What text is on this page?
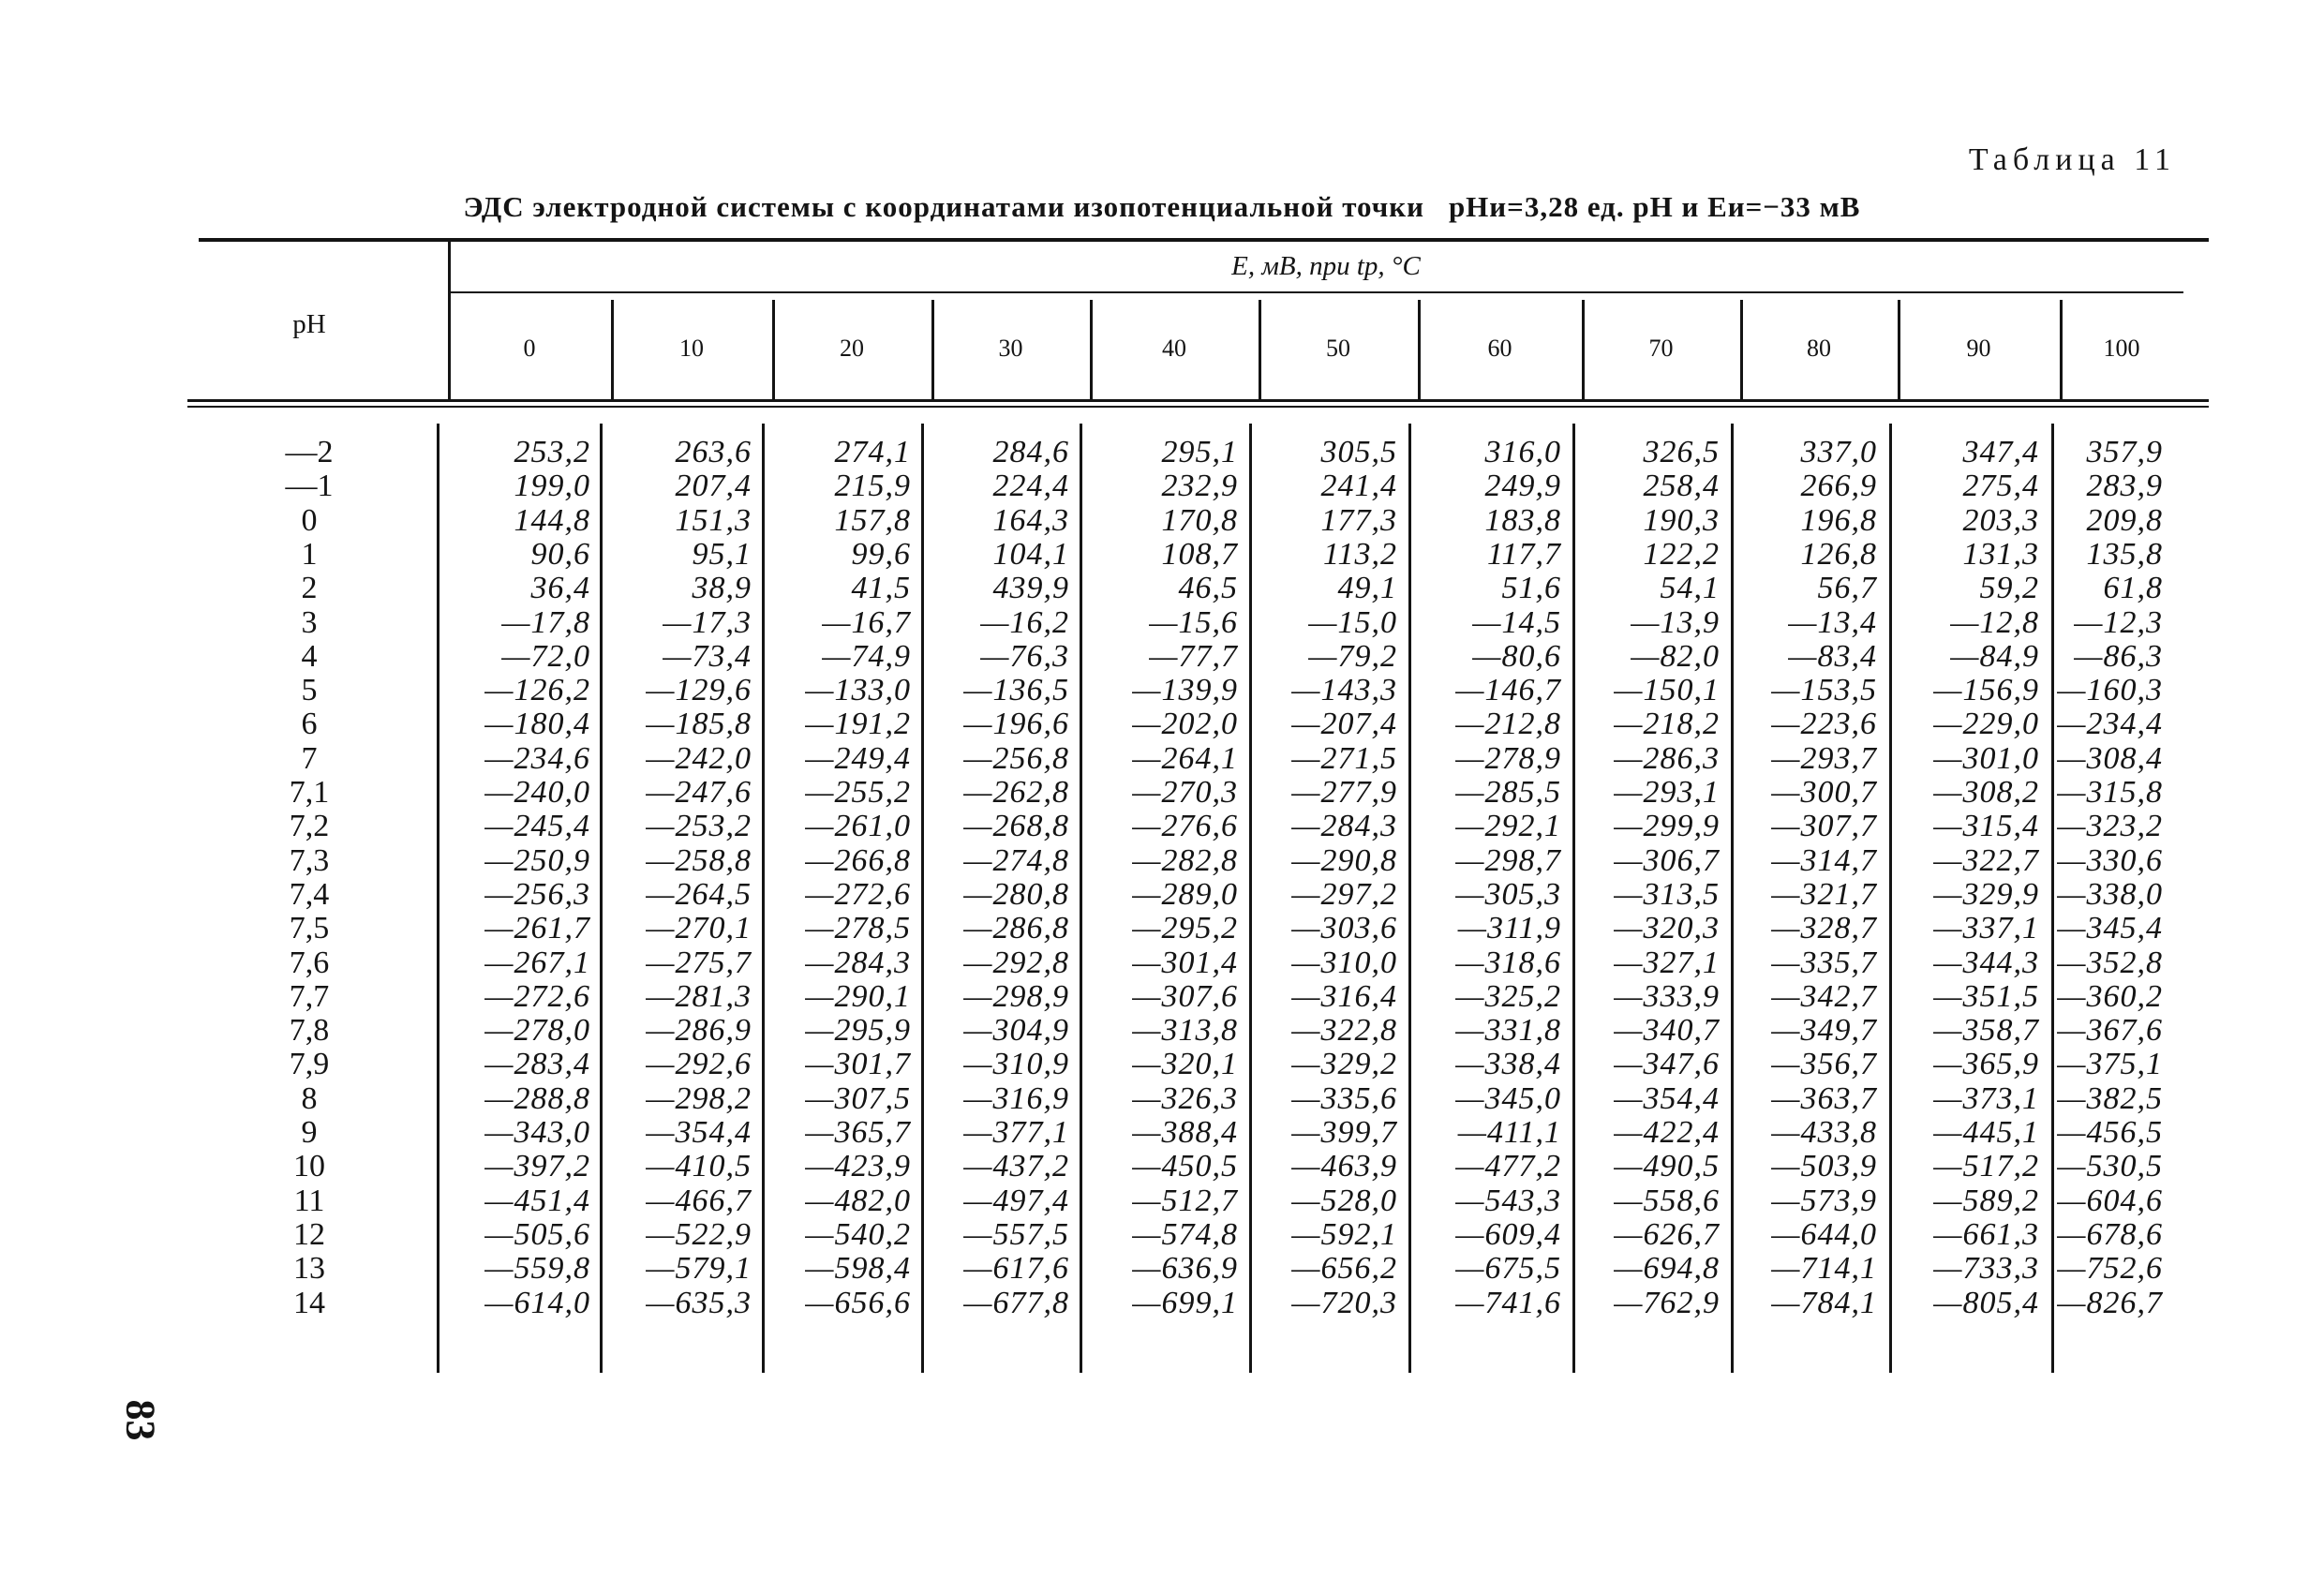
Таблица 11
ЭДС электродной системы с координатами изопотенциальной точки pHи=3,28 ед. pH и Eи=−33 мВ
E, мВ, при tр, °С
pH
0	10	20	30	40	50	60	70	80	90	100
—2	253,2	263,6	274,1	284,6	295,1	305,5	316,0	326,5	337,0	347,4	357,9
—1	199,0	207,4	215,9	224,4	232,9	241,4	249,9	258,4	266,9	275,4	283,9
0	144,8	151,3	157,8	164,3	170,8	177,3	183,8	190,3	196,8	203,3	209,8
1	90,6	95,1	99,6	104,1	108,7	113,2	117,7	122,2	126,8	131,3	135,8
2	36,4	38,9	41,5	439,9	46,5	49,1	51,6	54,1	56,7	59,2	61,8
3	—17,8	—17,3	—16,7	—16,2	—15,6	—15,0	—14,5	—13,9	—13,4	—12,8	—12,3
4	—72,0	—73,4	—74,9	—76,3	—77,7	—79,2	—80,6	—82,0	—83,4	—84,9	—86,3
5	—126,2	—129,6	—133,0	—136,5	—139,9	—143,3	—146,7	—150,1	—153,5	—156,9 —160,3
6	—180,4	—185,8	—191,2	—196,6	—202,0	—207,4	—212,8	—218,2	—223,6	—229,0 —234,4
7	—234,6	—242,0	—249,4	—256,8	—264,1	—271,5	—278,9	—286,3	—293,7	—301,0 —308,4
7,1	—240,0	—247,6	—255,2	—262,8	—270,3	—277,9	—285,5	—293,1	—300,7	—308,2 —315,8
7,2	—245,4	—253,2	—261,0	—268,8	—276,6	—284,3	—292,1	—299,9	—307,7	—315,4 —323,2
7,3	—250,9	—258,8	—266,8	—274,8	—282,8	—290,8	—298,7	—306,7	—314,7	—322,7 —330,6
7,4	—256,3	—264,5	—272,6	—280,8	—289,0	—297,2	—305,3	—313,5	—321,7	—329,9 —338,0
7,5	—261,7	—270,1	—278,5	—286,8	—295,2	—303,6	—311,9	—320,3	—328,7	—337,1 —345,4
7,6	—267,1	—275,7	—284,3	—292,8	—301,4	—310,0	—318,6	—327,1	—335,7	—344,3 —352,8
7,7	—272,6	—281,3	—290,1	—298,9	—307,6	—316,4	—325,2	—333,9	—342,7	—351,5 —360,2
7,8	—278,0	—286,9	—295,9	—304,9	—313,8	—322,8	—331,8	—340,7	—349,7	—358,7 —367,6
7,9	—283,4	—292,6	—301,7	—310,9	—320,1	—329,2	—338,4	—347,6	—356,7	—365,9 —375,1
8	—288,8	—298,2	—307,5	—316,9	—326,3	—335,6	—345,0	—354,4	—363,7	—373,1 —382,5
9	—343,0	—354,4	—365,7	—377,1	—388,4	—399,7	—411,1	—422,4	—433,8	—445,1 —456,5
10	—397,2	—410,5	—423,9	—437,2	—450,5	—463,9	—477,2	—490,5	—503,9	—517,2 —530,5
11	—451,4	—466,7	—482,0	—497,4	—512,7	—528,0	—543,3	—558,6	—573,9	—589,2 —604,6
12	—505,6	—522,9	—540,2	—557,5	—574,8	—592,1	—609,4	—626,7	—644,0	—661,3 —678,6
13	—559,8	—579,1	—598,4	—617,6	—636,9	—656,2	—675,5	—694,8	—714,1	—733,3 —752,6
14	—614,0	—635,3	—656,6	—677,8	—699,1	—720,3	—741,6	—762,9	—784,1	—805,4 —826,7
83
